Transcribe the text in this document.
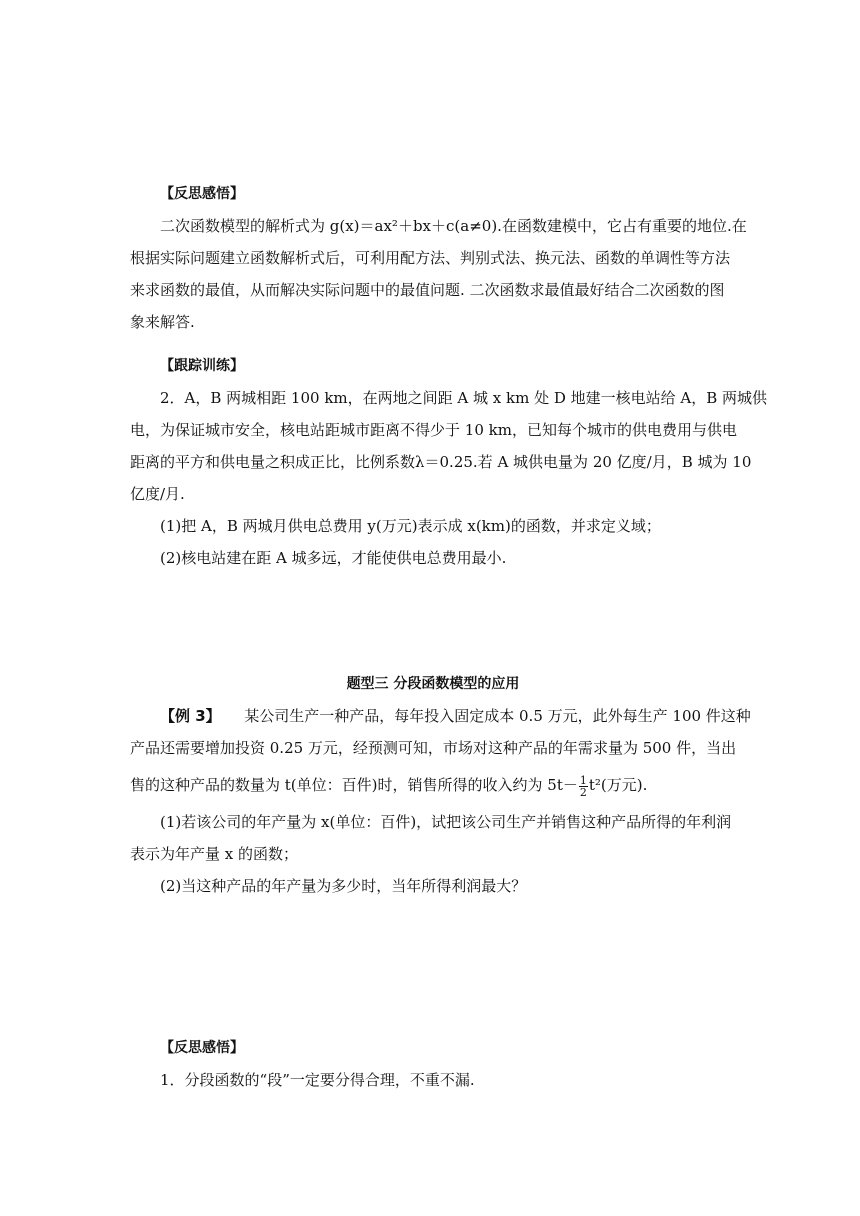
【反思感悟】
二次函数模型的解析式为 g(x)＝ax²＋bx＋c(a≠0).在函数建模中，它占有重要的地位.在
根据实际问题建立函数解析式后，可利用配方法、判别式法、换元法、函数的单调性等方法
来求函数的最值，从而解决实际问题中的最值问题. 二次函数求最值最好结合二次函数的图
象来解答.
【跟踪训练】
2．A，B 两城相距 100 km，在两地之间距 A 城 x km 处 D 地建一核电站给 A，B 两城供
电，为保证城市安全，核电站距城市距离不得少于 10 km，已知每个城市的供电费用与供电
距离的平方和供电量之积成正比，比例系数λ＝0.25.若 A 城供电量为 20 亿度/月，B 城为 10
亿度/月.
(1)把 A，B 两城月供电总费用 y(万元)表示成 x(km)的函数，并求定义域；
(2)核电站建在距 A 城多远，才能使供电总费用最小.
题型三 分段函数模型的应用
【例 3】 某公司生产一种产品，每年投入固定成本 0.5 万元，此外每生产 100 件这种
产品还需要增加投资 0.25 万元，经预测可知，市场对这种产品的年需求量为 500 件，当出
售的这种产品的数量为 t(单位：百件)时，销售所得的收入约为 $5t- \frac{1}{2} t^2$(万元).
(1)若该公司的年产量为 x(单位：百件)，试把该公司生产并销售这种产品所得的年利润
表示为年产量 x 的函数；
(2)当这种产品的年产量为多少时，当年所得利润最大？
【反思感悟】
1．分段函数的“段”一定要分得合理，不重不漏.
